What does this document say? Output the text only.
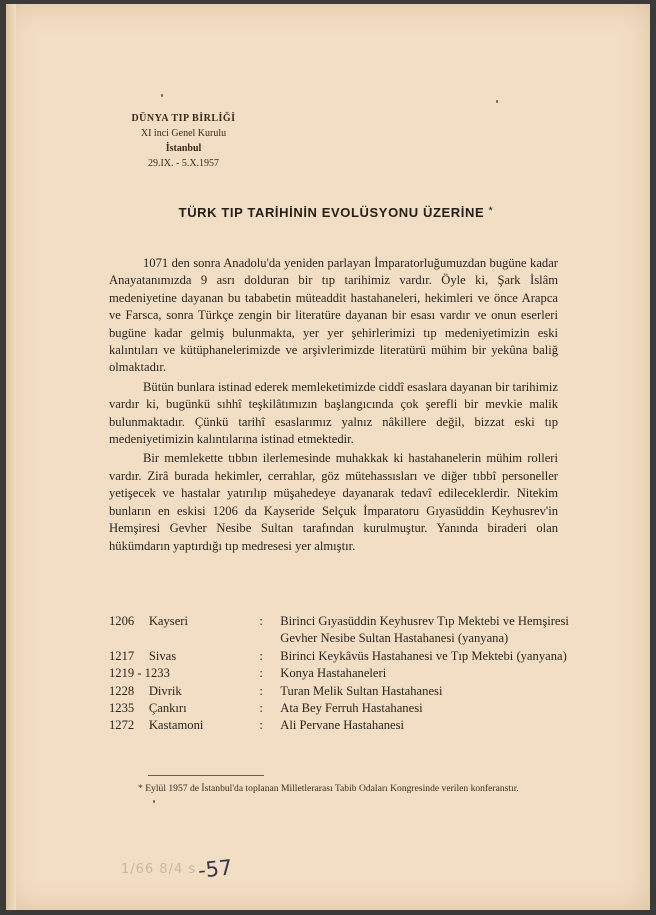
DÜNYA TIP BİRLİĞİ
XI inci Genel Kurulu
İstanbul
29.IX. - 5.X.1957
TÜRK TIP TARİHİNİN EVOLÜSYONU ÜZERİNE *

1071 den sonra Anadolu'da yeniden parlayan İmparatorluğumuzdan bugüne kadar Anayatanımızda 9 asrı dolduran bir tıp tarihimiz vardır. Öyle ki, Şark İslâm medeniyetine dayanan bu tababetin müteaddit hastahaneleri, hekimleri ve önce Arapca ve Farsca, sonra Türkçe zengin bir literatüre dayanan bir esası vardır ve onun eserleri bugüne kadar gelmiş bulunmakta, yer yer şehirlerimizi tıp medeniyetimizin eski kalıntıları ve kütüphanelerimizde ve arşivlerimizde literatürü mühim bir yekûna baliğ olmaktadır.

Bütün bunlara istinad ederek memleketimizde ciddî esaslara dayanan bir tarihimiz vardır ki, bugünkü sıhhî teşkilâtımızın başlangıcında çok şerefli bir mevkie malik bulunmaktadır. Çünkü tarihî esaslarımız yalnız nâkillere değil, bizzat eski tıp medeniyetimizin kalıntılarına istinad etmektedir.

Bir memlekette tıbbın ilerlemesinde muhakkak ki hastahanelerin mühim rolleri vardır. Zirâ burada hekimler, cerrahlar, göz mütehassısları ve diğer tıbbî personeller yetişecek ve hastalar yatırılıp müşahedeye dayanarak tedavî edileceklerdir. Nitekim bunların en eskisi 1206 da Kayseride Selçuk İmparatoru Gıyasüddin Keyhusrev'in Hemşiresi Gevher Nesibe Sultan tarafından kurulmuştur. Yanında biraderi olan hükümdarın yaptırdığı tıp medresesi yer almıştır.

1206	Kayseri	:	Birinci Gıyasüddin Keyhusrev Tıp Mektebi ve Hemşiresi Gevher Nesibe Sultan Hastahanesi (yanyana)
1217	Sivas	:	Birinci Keykâvüs Hastahanesi ve Tıp Mektebi (yanyana)
1219 - 1233	:	Konya Hastahaneleri
1228	Divrik	:	Turan Melik Sultan Hastahanesi
1235	Çankırı	:	Ata Bey Ferruh Hastahanesi
1272	Kastamoni	:	Ali Pervane Hastahanesi
* Eylül 1957 de İstanbul'da toplanan Milletlerarası Tabib Odaları Kongresinde verilen konferanstır.
1/66 8/4 s -57
